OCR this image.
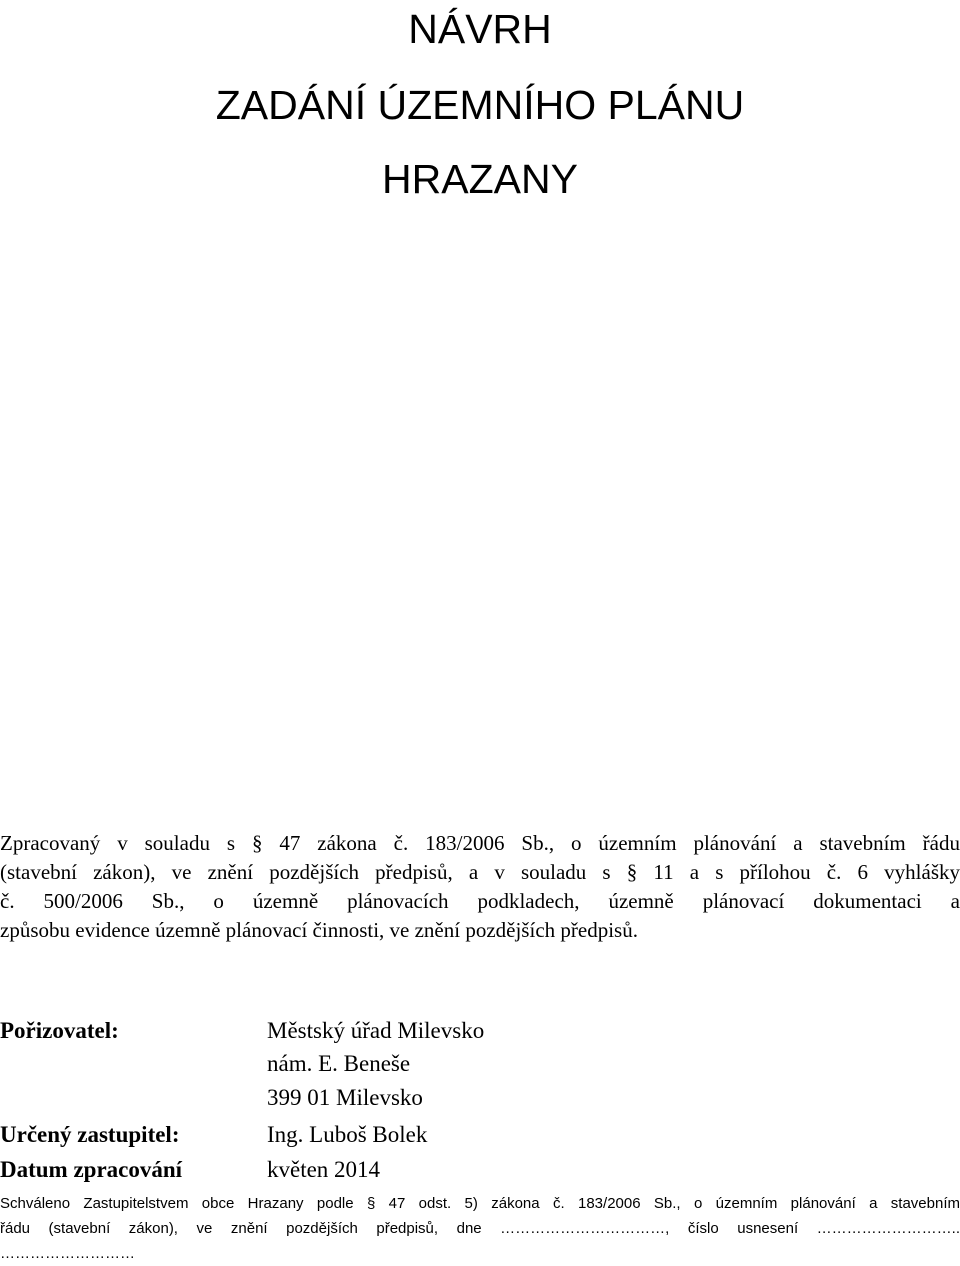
NÁVRH
ZADÁNÍ ÚZEMNÍHO PLÁNU
HRAZANY
Zpracovaný v souladu s § 47 zákona č. 183/2006 Sb., o územním plánování a stavebním řádu
(stavební zákon), ve znění pozdějších předpisů, a v souladu s § 11 a s přílohou č. 6 vyhlášky
č. 500/2006 Sb., o územně plánovacích podkladech, územně plánovací dokumentaci a
způsobu evidence územně plánovací činnosti, ve znění pozdějších předpisů.
Pořizovatel:	Městský úřad Milevsko
nám. E. Beneše
399 01 Milevsko
Určený zastupitel:	Ing. Luboš Bolek
Datum zpracování	květen 2014
Schváleno Zastupitelstvem obce Hrazany podle § 47 odst. 5) zákona č. 183/2006 Sb., o územním plánování a stavebním
řádu (stavební zákon), ve znění pozdějších předpisů, dne ……………………………, číslo usnesení ………………………..
………………………
